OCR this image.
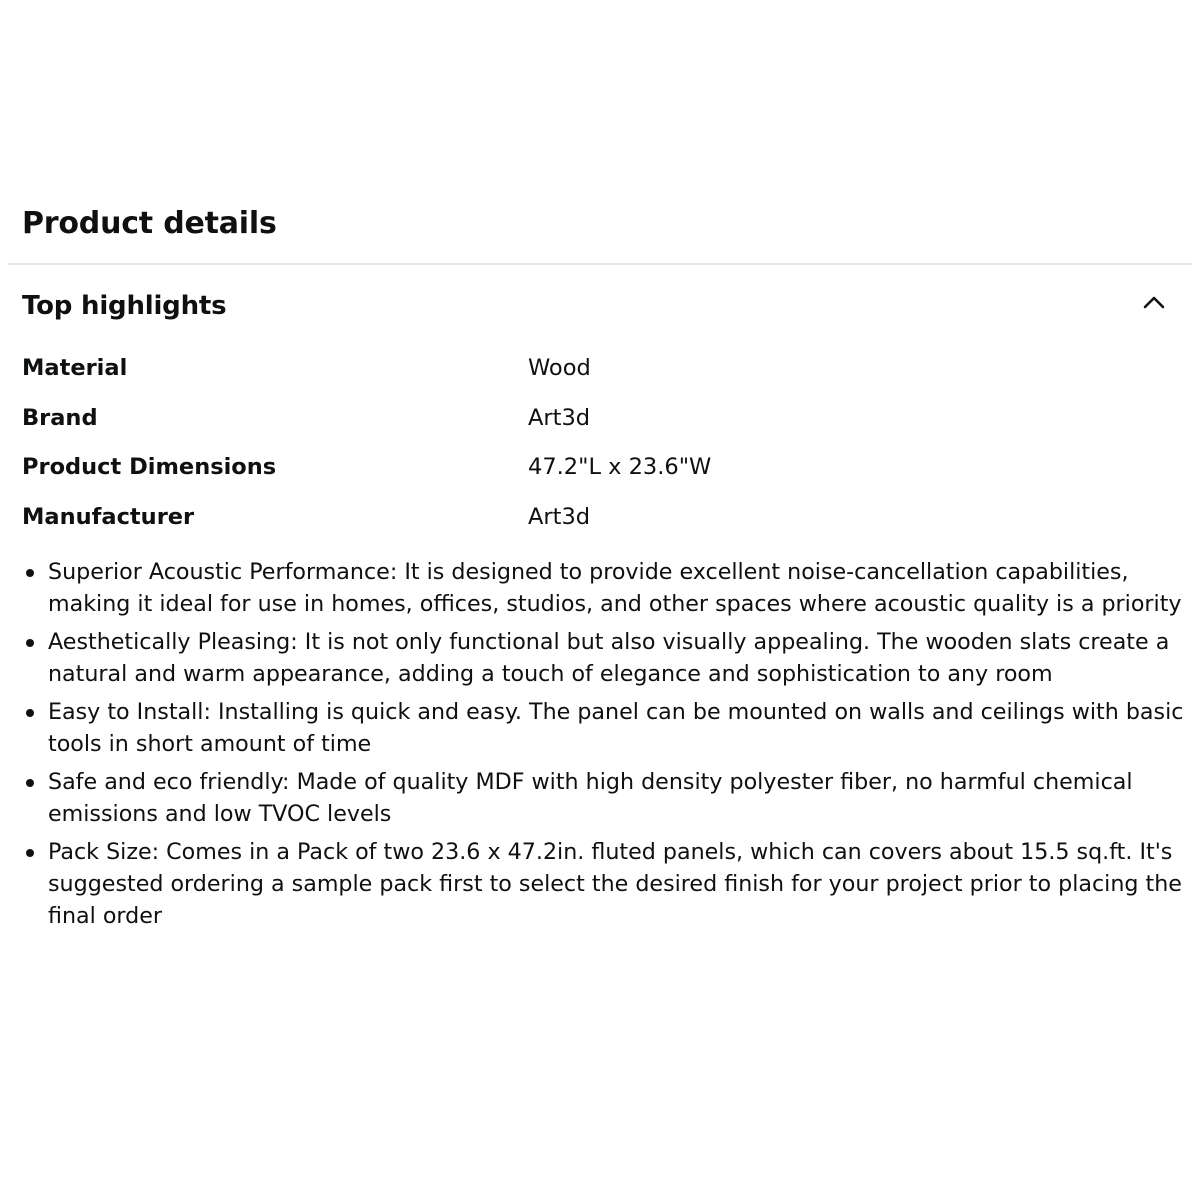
Product details
Top highlights
Material	Wood
Brand	Art3d
Product Dimensions	47.2"L x 23.6"W
Manufacturer	Art3d
Superior Acoustic Performance: It is designed to provide excellent noise-cancellation capabilities, making it ideal for use in homes, offices, studios, and other spaces where acoustic quality is a priority
Aesthetically Pleasing: It is not only functional but also visually appealing. The wooden slats create a natural and warm appearance, adding a touch of elegance and sophistication to any room
Easy to Install: Installing is quick and easy. The panel can be mounted on walls and ceilings with basic tools in short amount of time
Safe and eco friendly: Made of quality MDF with high density polyester fiber, no harmful chemical emissions and low TVOC levels
Pack Size: Comes in a Pack of two 23.6 x 47.2in. fluted panels, which can covers about 15.5 sq.ft. It's suggested ordering a sample pack first to select the desired finish for your project prior to placing the final order
